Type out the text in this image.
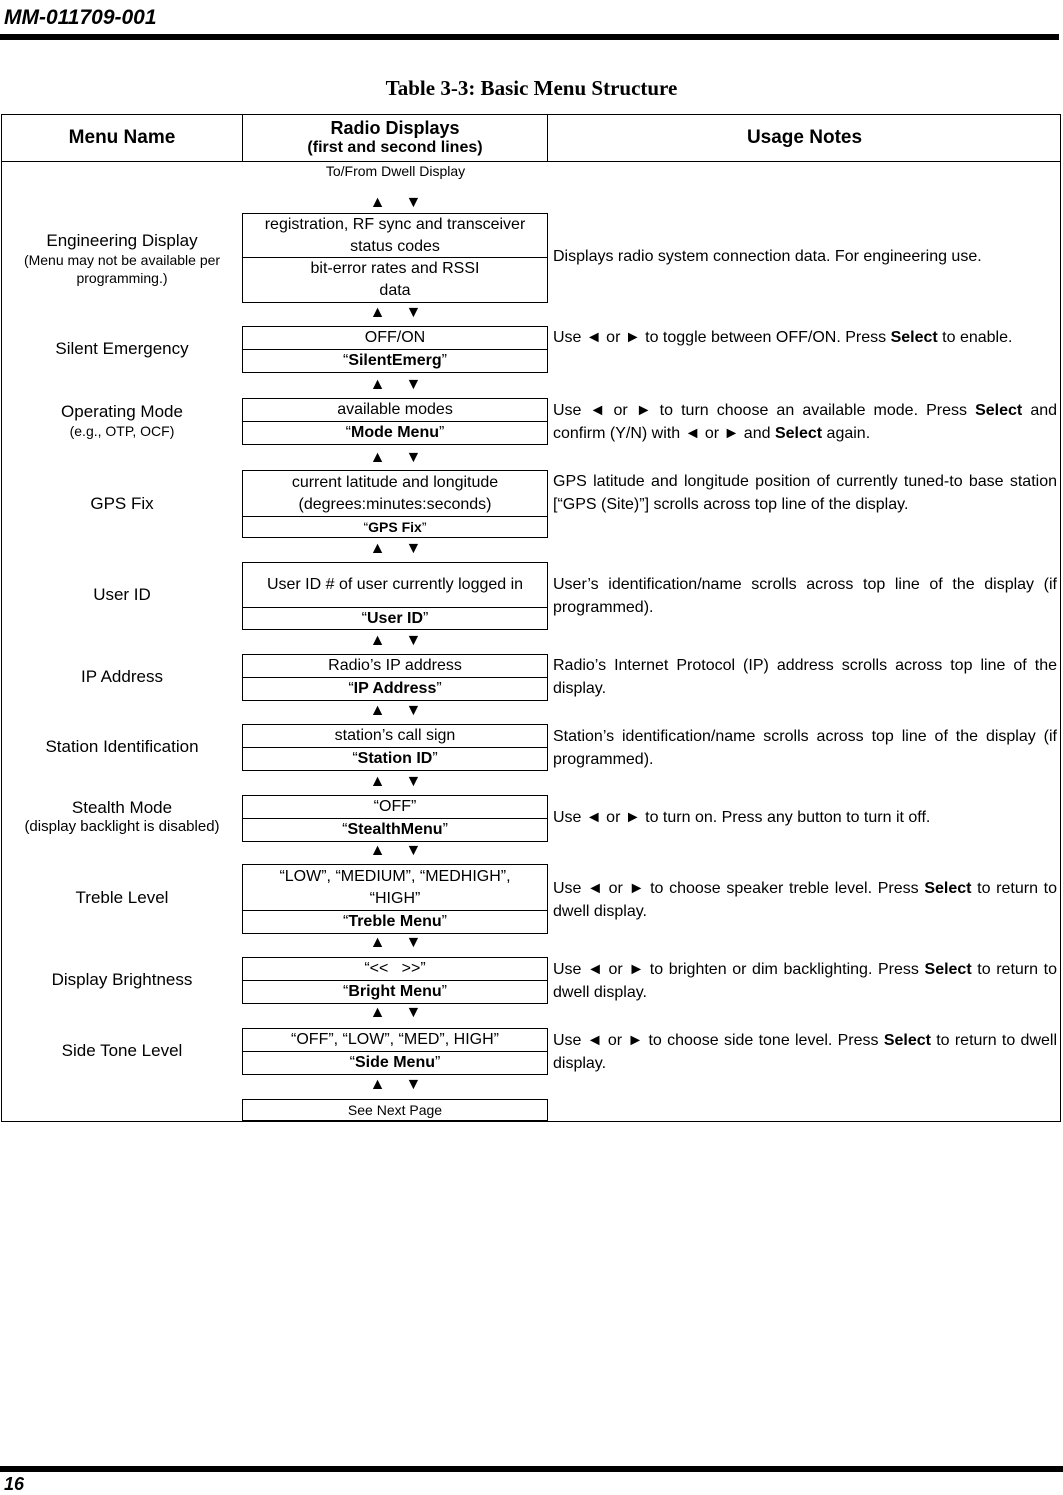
MM-011709-001
Table 3-3: Basic Menu Structure
Menu Name	Radio Displays
(first and second lines)	Usage Notes
To/From Dwell Display
▲ ▼
▲ ▼
▲ ▼
▲ ▼
▲ ▼
▲ ▼
▲ ▼
▲ ▼
▲ ▼
▲ ▼
▲ ▼
▲ ▼
Engineering Display
(Menu may not be available per programming.)
registration, RF sync and transceiver status codes
bit-error rates and RSSI data
Displays radio system connection data. For engineering use.
Silent Emergency
OFF/ON
“ SilentEmerg ”
Use ◄ or ► to toggle between OFF/ON. Press Select to enable.
Operating Mode
(e.g., OTP, OCF)
available modes
“ Mode Menu ”
Use ◄ or ► to turn choose an available mode. Press Select and confirm (Y/N) with ◄ or ► and Select again.
GPS Fix
current latitude and longitude (degrees:minutes:seconds)
“ GPS Fix ”
GPS latitude and longitude position of currently tuned-to base station [“GPS (Site)”] scrolls across top line of the display.
User ID
User ID # of user currently logged in
“ User ID ”
User’s identification/name scrolls across top line of the display (if programmed).
IP Address
Radio’s IP address
“ IP Address ”
Radio’s Internet Protocol (IP) address scrolls across top line of the display.
Station Identification
station’s call sign
“ Station ID ”
Station’s identification/name scrolls across top line of the display (if programmed).
Stealth Mode
(display backlight is disabled)
“OFF”
“ StealthMenu ”
Use ◄ or ► to turn on. Press any button to turn it off.
Treble Level
“LOW”, “MEDIUM”, “MEDHIGH”, “HIGH”
“ Treble Menu ”
Use ◄ or ► to choose speaker treble level. Press Select to return to dwell display.
Display Brightness
“<<   >>”
“ Bright Menu ”
Use ◄ or ► to brighten or dim backlighting. Press Select to return to dwell display.
Side Tone Level
“OFF”, “LOW”, “MED”, HIGH”
“ Side Menu ”
Use ◄ or ► to choose side tone level. Press Select to return to dwell display.
See Next Page
16
